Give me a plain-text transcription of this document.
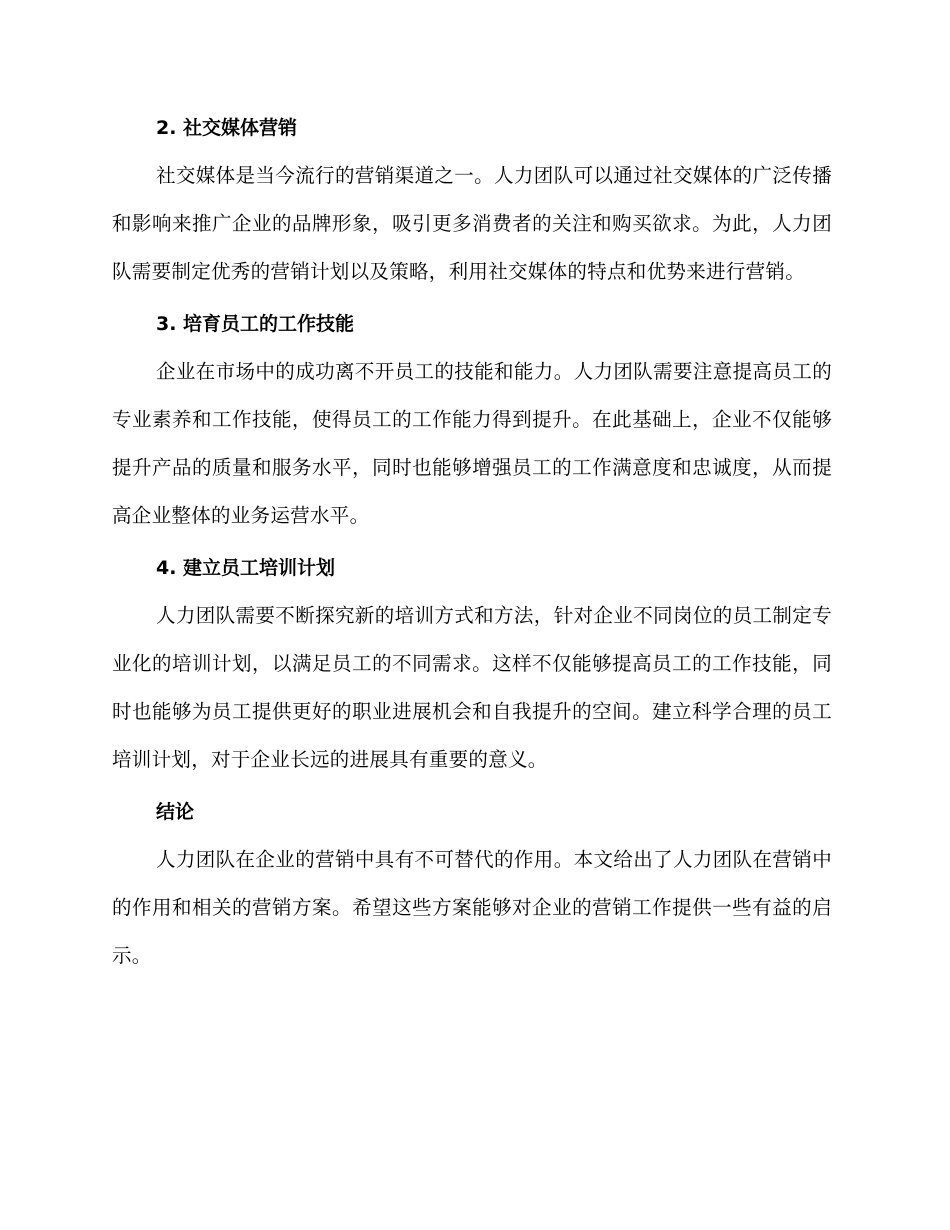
2. 社交媒体营销

社交媒体是当今流行的营销渠道之一。人力团队可以通过社交媒体的广泛传播和影响来推广企业的品牌形象，吸引更多消费者的关注和购买欲求。为此，人力团队需要制定优秀的营销计划以及策略，利用社交媒体的特点和优势来进行营销。

3. 培育员工的工作技能

企业在市场中的成功离不开员工的技能和能力。人力团队需要注意提高员工的专业素养和工作技能，使得员工的工作能力得到提升。在此基础上，企业不仅能够提升产品的质量和服务水平，同时也能够增强员工的工作满意度和忠诚度，从而提高企业整体的业务运营水平。

4. 建立员工培训计划

人力团队需要不断探究新的培训方式和方法，针对企业不同岗位的员工制定专业化的培训计划，以满足员工的不同需求。这样不仅能够提高员工的工作技能，同时也能够为员工提供更好的职业进展机会和自我提升的空间。建立科学合理的员工培训计划，对于企业长远的进展具有重要的意义。

结论

人力团队在企业的营销中具有不可替代的作用。本文给出了人力团队在营销中的作用和相关的营销方案。希望这些方案能够对企业的营销工作提供一些有益的启示。
